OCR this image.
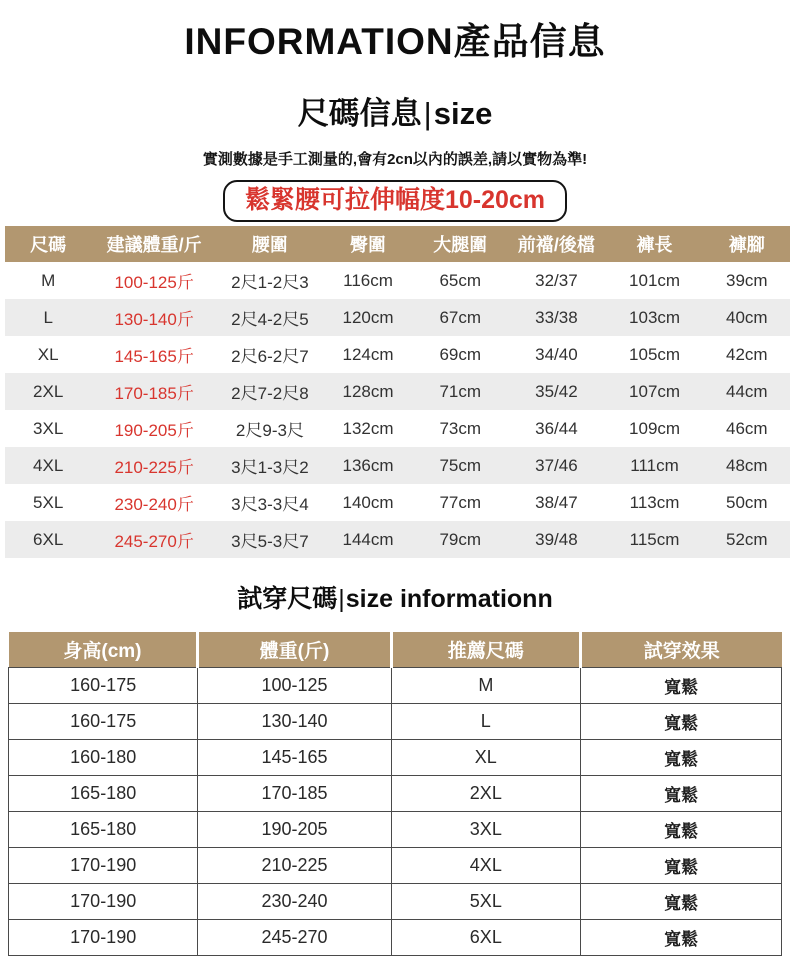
INFORMATION產品信息
尺碼信息|size

實測數據是手工測量的,會有2cn以內的誤差,請以實物為準!

鬆緊腰可拉伸幅度10-20cm
尺碼	建議體重/斤	腰圍	臀圍	大腿圍	前襠/後檔	褲長	褲腳
M	100-125斤	2尺1-2尺3	116cm	65cm	32/37	101cm	39cm
L	130-140斤	2尺4-2尺5	120cm	67cm	33/38	103cm	40cm
XL	145-165斤	2尺6-2尺7	124cm	69cm	34/40	105cm	42cm
2XL	170-185斤	2尺7-2尺8	128cm	71cm	35/42	107cm	44cm
3XL	190-205斤	2尺9-3尺	132cm	73cm	36/44	109cm	46cm
4XL	210-225斤	3尺1-3尺2	136cm	75cm	37/46	111cm	48cm
5XL	230-240斤	3尺3-3尺4	140cm	77cm	38/47	113cm	50cm
6XL	245-270斤	3尺5-3尺7	144cm	79cm	39/48	115cm	52cm
試穿尺碼|size informationn
身高(cm)	體重(斤)	推薦尺碼	試穿效果
160-175	100-125	M	寬鬆
160-175	130-140	L	寬鬆
160-180	145-165	XL	寬鬆
165-180	170-185	2XL	寬鬆
165-180	190-205	3XL	寬鬆
170-190	210-225	4XL	寬鬆
170-190	230-240	5XL	寬鬆
170-190	245-270	6XL	寬鬆
